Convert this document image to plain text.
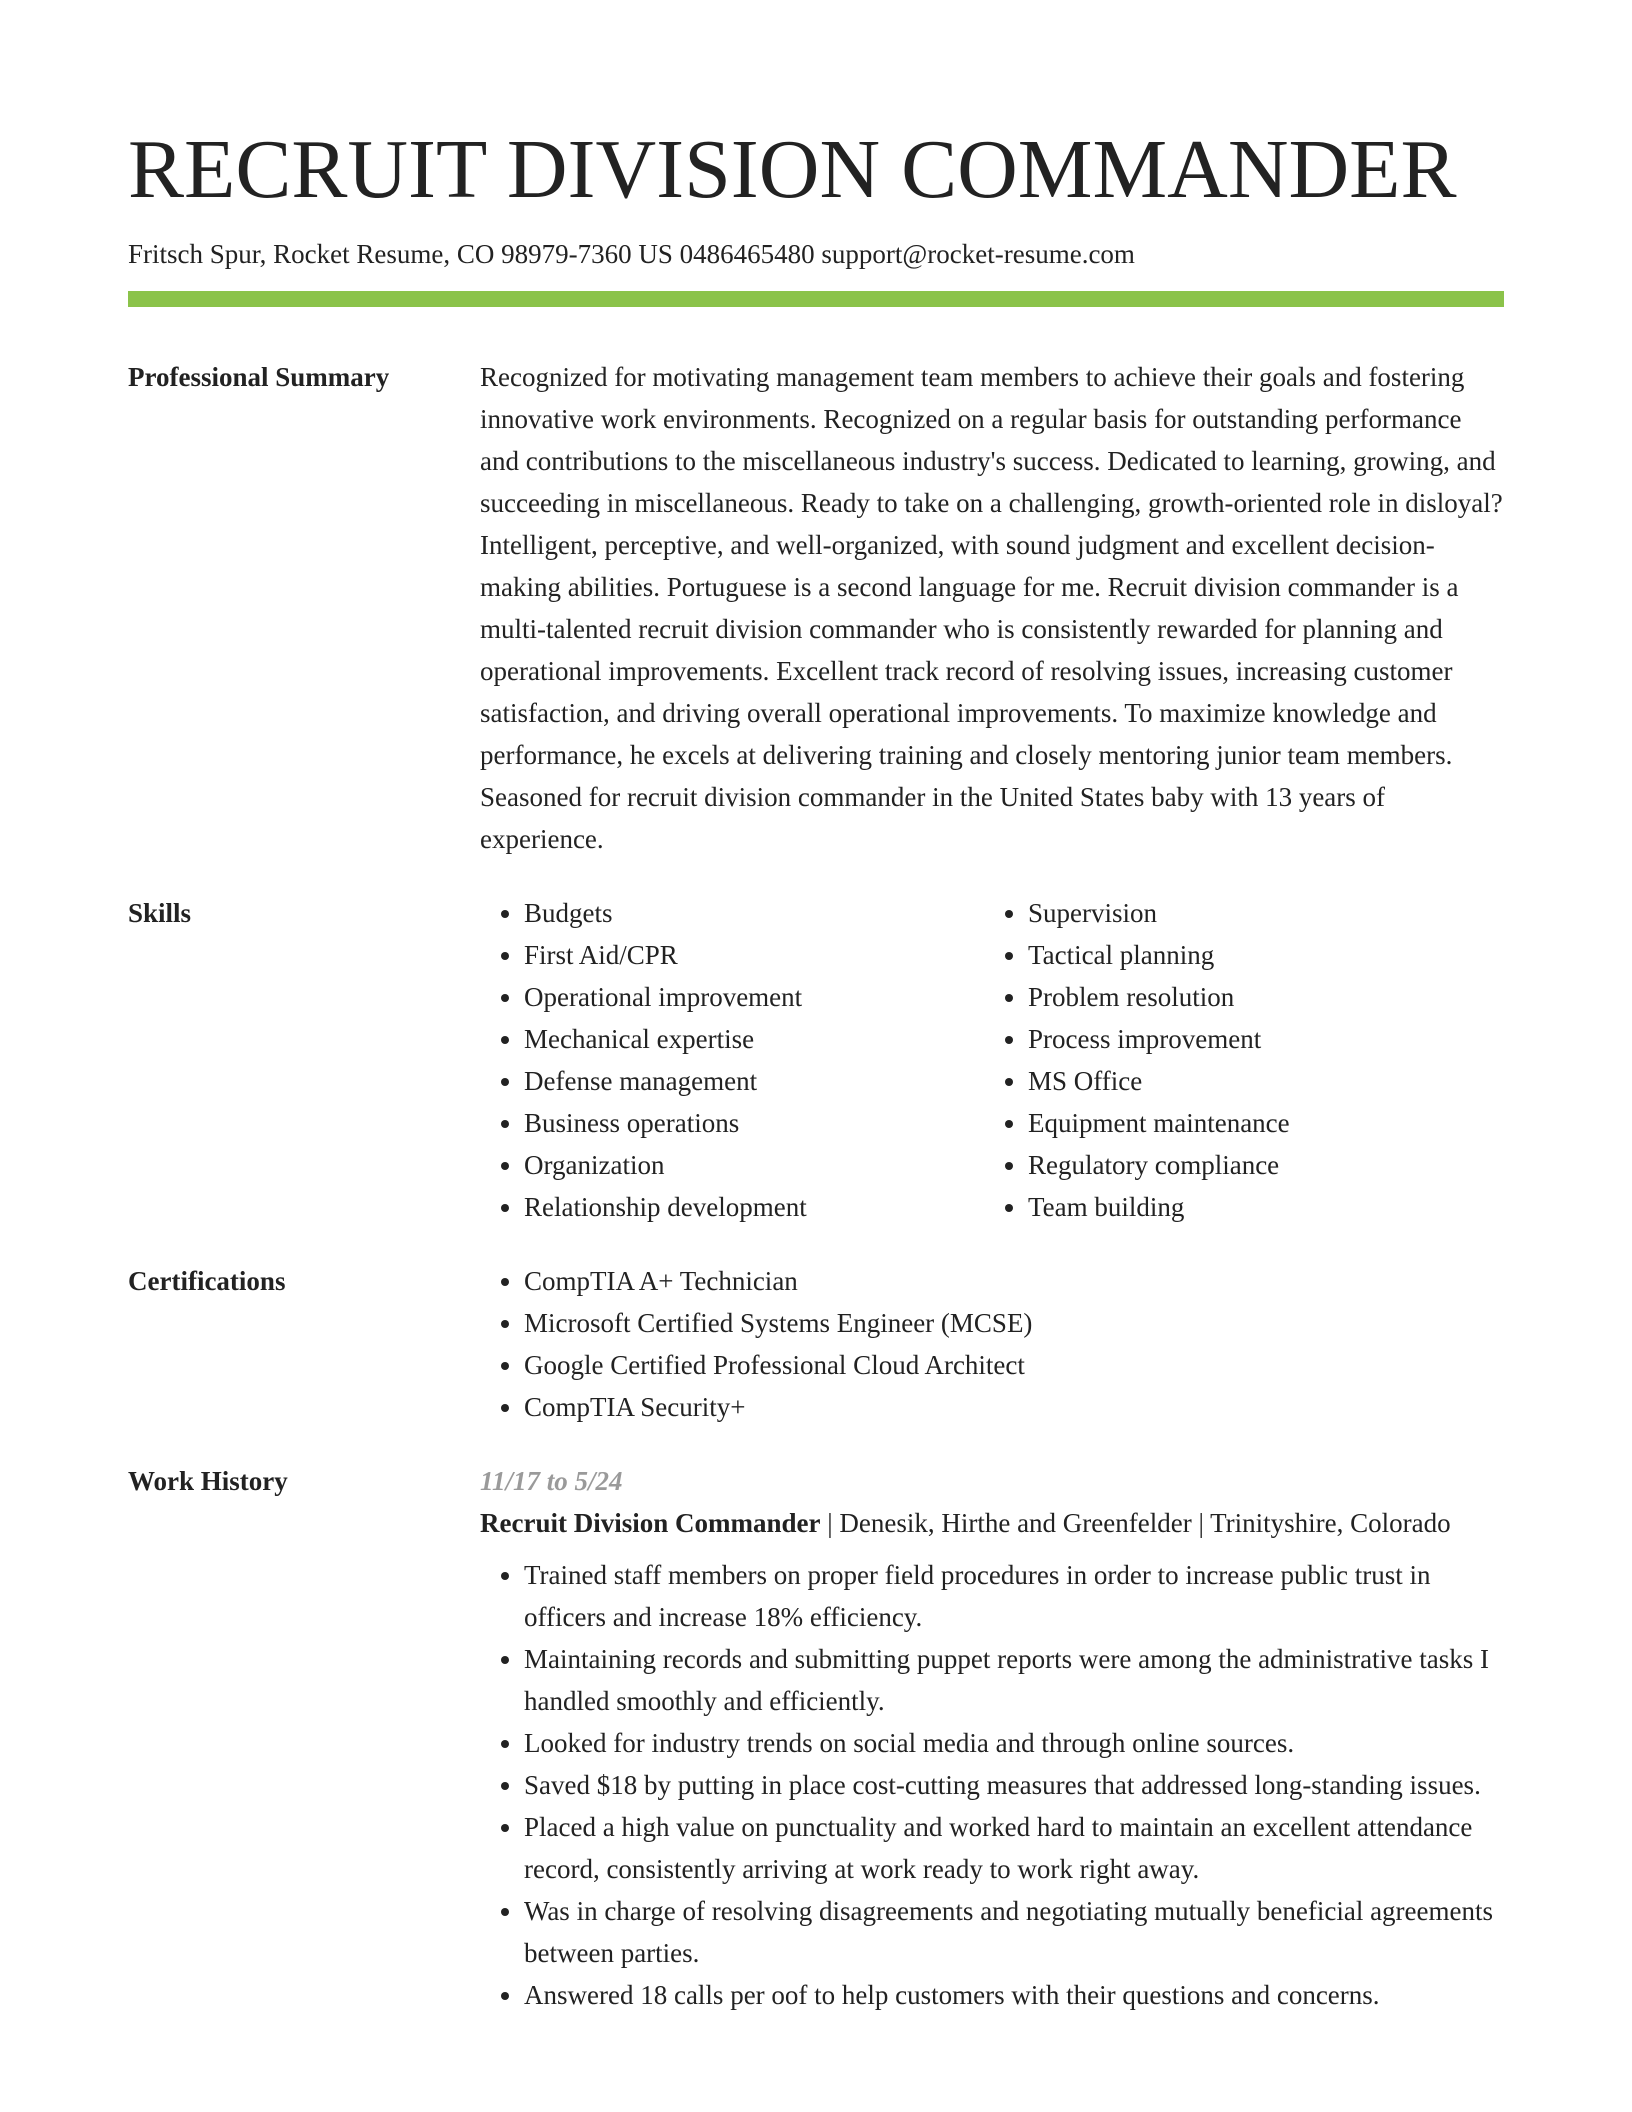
RECRUIT DIVISION COMMANDER
Fritsch Spur, Rocket Resume, CO 98979-7360 US 0486465480 support@rocket-resume.com
Professional Summary	Recognized for motivating management team members to achieve their goals and fostering innovative work environments. Recognized on a regular basis for outstanding performance and contributions to the miscellaneous industry's success. Dedicated to learning, growing, and succeeding in miscellaneous. Ready to take on a challenging, growth-oriented role in disloyal? Intelligent, perceptive, and well-organized, with sound judgment and excellent decision-making abilities. Portuguese is a second language for me. Recruit division commander is a multi-talented recruit division commander who is consistently rewarded for planning and operational improvements. Excellent track record of resolving issues, increasing customer satisfaction, and driving overall operational improvements. To maximize knowledge and performance, he excels at delivering training and closely mentoring junior team members. Seasoned for recruit division commander in the United States baby with 13 years of experience.
Skills	• Budgets
• First Aid/CPR
• Operational improvement
• Mechanical expertise
• Defense management
• Business operations
• Organization
• Relationship development
• Supervision
• Tactical planning
• Problem resolution
• Process improvement
• MS Office
• Equipment maintenance
• Regulatory compliance
• Team building
Certifications	• CompTIA A+ Technician
• Microsoft Certified Systems Engineer (MCSE)
• Google Certified Professional Cloud Architect
• CompTIA Security+
Work History	11/17 to 5/24
Recruit Division Commander | Denesik, Hirthe and Greenfelder | Trinityshire, Colorado
• Trained staff members on proper field procedures in order to increase public trust in officers and increase 18% efficiency.
• Maintaining records and submitting puppet reports were among the administrative tasks I handled smoothly and efficiently.
• Looked for industry trends on social media and through online sources.
• Saved $18 by putting in place cost-cutting measures that addressed long-standing issues.
• Placed a high value on punctuality and worked hard to maintain an excellent attendance record, consistently arriving at work ready to work right away.
• Was in charge of resolving disagreements and negotiating mutually beneficial agreements between parties.
• Answered 18 calls per oof to help customers with their questions and concerns.
